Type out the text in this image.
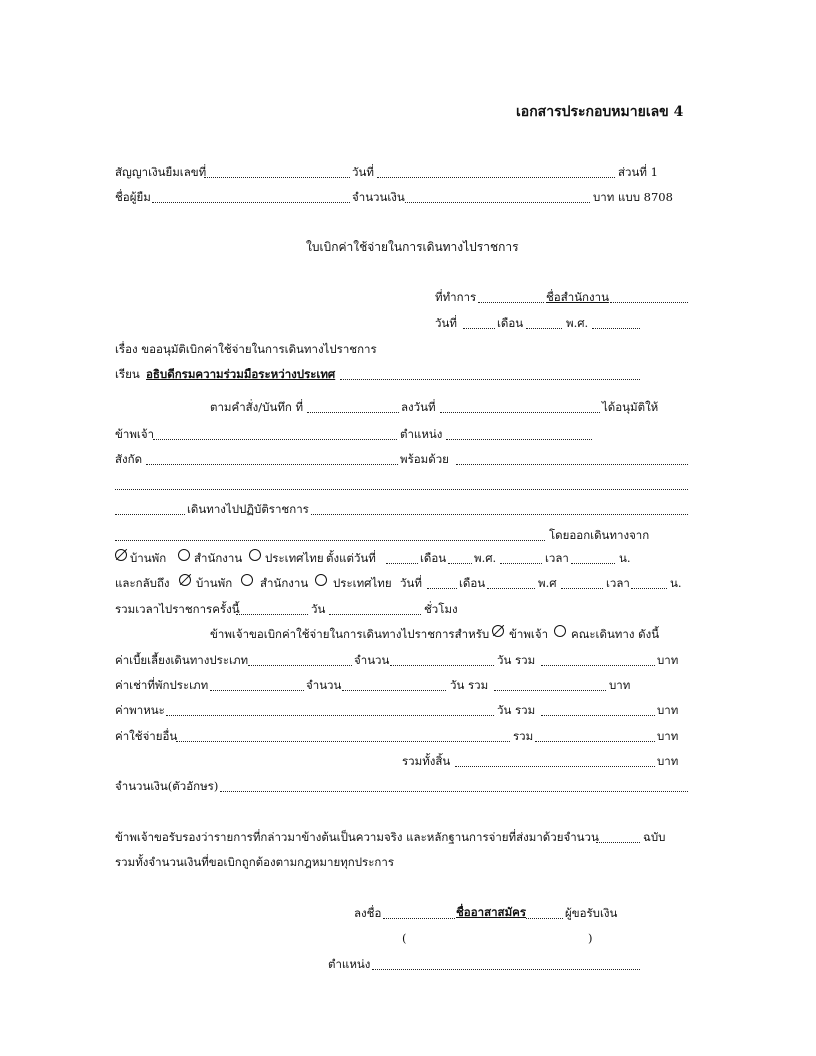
เอกสารประกอบหมายเลข 4
สัญญาเงินยืมเลขที่	วันที่	ส่วนที่ 1
ชื่อผู้ยืม	จำนวนเงิน	บาท แบบ 8708
ใบเบิกค่าใช้จ่ายในการเดินทางไปราชการ
ที่ทำการ	ชื่อสำนักงาน
วันที่	เดือน	พ.ศ.
เรื่อง ขออนุมัติเบิกค่าใช้จ่ายในการเดินทางไปราชการ
เรียน อธิบดีกรมความร่วมมือระหว่างประเทศ
ตามคำสั่ง/บันทึก ที่	ลงวันที่	ได้อนุมัติให้
ข้าพเจ้า	ตำแหน่ง
สังกัด	พร้อมด้วย
เดินทางไปปฏิบัติราชการ
โดยออกเดินทางจาก
บ้านพัก สำนักงาน ประเทศไทย ตั้งแต่วันที่	เดือน พ.ศ.	เวลา	น.
และกลับถึง บ้านพัก สำนักงาน ประเทศไทย วันที่	เดือน	พ.ศ	เวลา	น.
รวมเวลาไปราชการครั้งนี้	วัน	ชั่วโมง
ข้าพเจ้าขอเบิกค่าใช้จ่ายในการเดินทางไปราชการสำหรับ ข้าพเจ้า คณะเดินทาง ดังนี้
ค่าเบี้ยเลี้ยงเดินทางประเภท	จำนวน	วัน รวม	บาท
ค่าเช่าที่พักประเภท	จำนวน	วัน รวม	บาท
ค่าพาหนะ	วัน รวม	บาท
ค่าใช้จ่ายอื่น	รวม	บาท
รวมทั้งสิ้น	บาท
จำนวนเงิน(ตัวอักษร)
ข้าพเจ้าขอรับรองว่ารายการที่กล่าวมาข้างต้นเป็นความจริง และหลักฐานการจ่ายที่ส่งมาด้วยจำนวน	ฉบับ
รวมทั้งจำนวนเงินที่ขอเบิกถูกต้องตามกฎหมายทุกประการ
ลงชื่อ	ชื่ออาสาสมัคร	ผู้ขอรับเงิน
(	)
ตำแหน่ง
